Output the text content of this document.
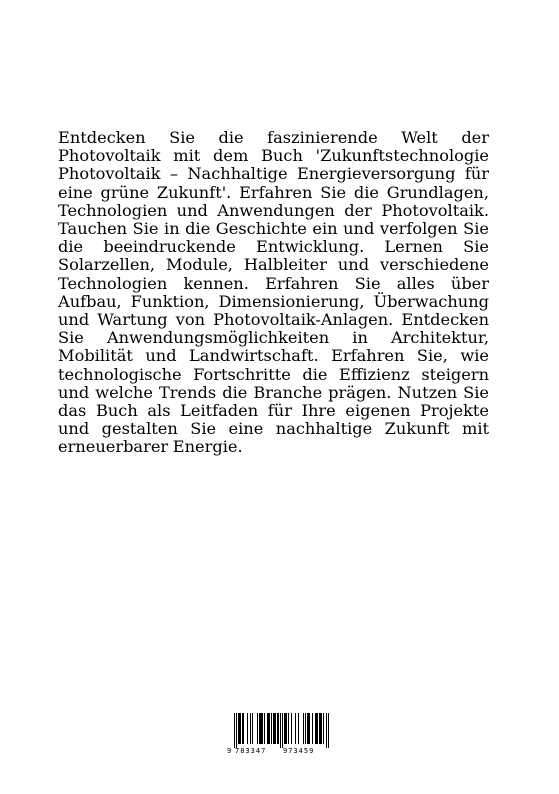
Entdecken Sie die faszinierende Welt der Photovoltaik mit dem Buch 'Zukunftstechnologie Photovoltaik – Nachhaltige Energieversorgung für eine grüne Zukunft'. Erfahren Sie die Grundlagen, Technologien und Anwendungen der Photovoltaik. Tauchen Sie in die Geschichte ein und verfolgen Sie die beeindruckende Entwicklung. Lernen Sie Solarzellen, Module, Halbleiter und verschiedene Technologien kennen. Erfahren Sie alles über Aufbau, Funktion, Dimensionierung, Überwachung und Wartung von Photovoltaik-Anlagen. Entdecken Sie Anwendungsmöglichkeiten in Architektur, Mobilität und Landwirtschaft. Erfahren Sie, wie technologische Fortschritte die Effizienz steigern und welche Trends die Branche prägen. Nutzen Sie das Buch als Leitfaden für Ihre eigenen Projekte und gestalten Sie eine nachhaltige Zukunft mit erneuerbarer Energie.

9 783347 973459
